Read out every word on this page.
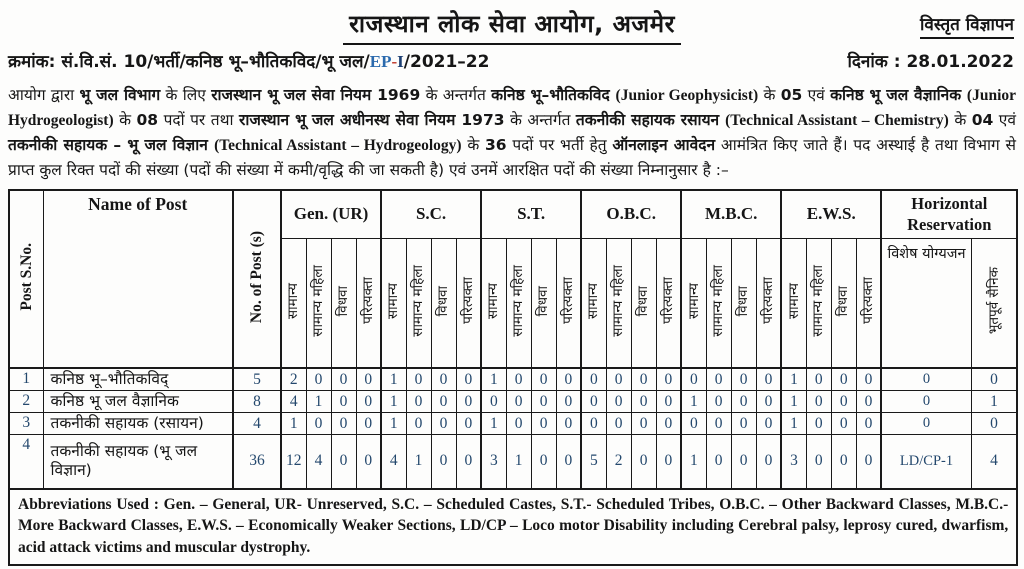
राजस्थान लोक सेवा आयोग, अजमेर	विस्तृत विज्ञापन
क्रमांक: सं.वि.सं. 10/भर्ती/कनिष्ठ भू–भौतिकविद/भू जल/EP-I/2021–22	दिनांक : 28.01.2022
आयोग द्वारा भू जल विभाग के लिए राजस्थान भू जल सेवा नियम 1969 के अन्तर्गत कनिष्ठ भू–भौतिकविद (Junior Geophysicist) के 05 एवं कनिष्ठ भू जल वैज्ञानिक (Junior Hydrogeologist) के 08 पदों पर तथा राजस्थान भू जल अधीनस्थ सेवा नियम 1973 के अन्तर्गत तकनीकी सहायक रसायन (Technical Assistant – Chemistry) के 04 एवं तकनीकी सहायक – भू जल विज्ञान (Technical Assistant – Hydrogeology) के 36 पदों पर भर्ती हेतु ऑनलाइन आवेदन आमंत्रित किए जाते हैं। पद अस्थाई है तथा विभाग से प्राप्त कुल रिक्त पदों की संख्या (पदों की संख्या में कमी/वृद्धि की जा सकती है) एवं उनमें आरक्षित पदों की संख्या निम्नानुसार है :–
Post S.No.	Name of Post	No. of Post (s)	Gen. (UR)				S.C.				S.T.				O.B.C.				M.B.C.				E.W.S.				Horizontal Reservation	
			सामान्य	सामान्य महिला	विधवा	परित्यक्ता	सामान्य	सामान्य महिला	विधवा	परित्यक्ता	सामान्य	सामान्य महिला	विधवा	परित्यक्ता	सामान्य	सामान्य महिला	विधवा	परित्यक्ता	सामान्य	सामान्य महिला	विधवा	परित्यक्ता	सामान्य	सामान्य महिला	विधवा	परित्यक्ता	विशेष योग्यजन	भूतपूर्व सैनिक
1	कनिष्ठ भू–भौतिकविद्	5	2	0	0	0	1	0	0	0	1	0	0	0	0	0	0	0	0	0	0	0	1	0	0	0	0	0
2	कनिष्ठ भू जल वैज्ञानिक	8	4	1	0	0	1	0	0	0	0	0	0	0	0	0	0	0	1	0	0	0	1	0	0	0	0	1
3	तकनीकी सहायक (रसायन)	4	1	0	0	0	1	0	0	0	1	0	0	0	0	0	0	0	0	0	0	0	1	0	0	0	0	0
4	तकनीकी सहायक (भू जल विज्ञान)	36	12	4	0	0	4	1	0	0	3	1	0	0	5	2	0	0	1	0	0	0	3	0	0	0	LD/CP-1	4
Abbreviations Used : Gen. – General, UR- Unreserved, S.C. – Scheduled Castes, S.T.- Scheduled Tribes, O.B.C. – Other Backward Classes, M.B.C.- More Backward Classes, E.W.S. – Economically Weaker Sections, LD/CP – Loco motor Disability including Cerebral palsy, leprosy cured, dwarfism, acid attack victims and muscular dystrophy.																												
